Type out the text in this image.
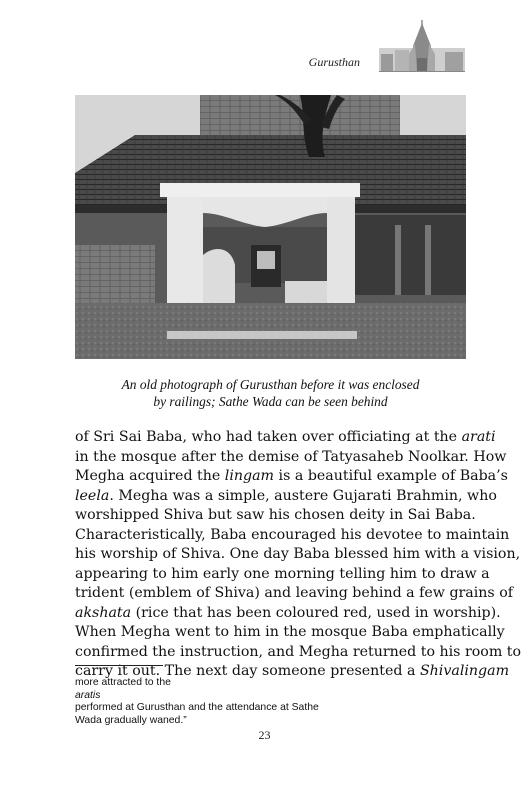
Gurusthan
An old photograph of Gurusthan before it was enclosed
by railings; Sathe Wada can be seen behind
of Sri Sai Baba, who had taken over officiating at the arati
in the mosque after the demise of Tatyasaheb Noolkar. How
Megha acquired the lingam is a beautiful example of Baba’s
leela. Megha was a simple, austere Gujarati Brahmin, who
worshipped Shiva but saw his chosen deity in Sai Baba.
Characteristically, Baba encouraged his devotee to maintain
his worship of Shiva. One day Baba blessed him with a vision,
appearing to him early one morning telling him to draw a
trident (emblem of Shiva) and leaving behind a few grains of
akshata (rice that has been coloured red, used in worship).
When Megha went to him in the mosque Baba emphatically
confirmed the instruction, and Megha returned to his room to
carry it out. The next day someone presented a Shivalingam
more attracted to the
aratis
performed at Gurusthan and the attendance at Sathe
Wada gradually waned.”
23
